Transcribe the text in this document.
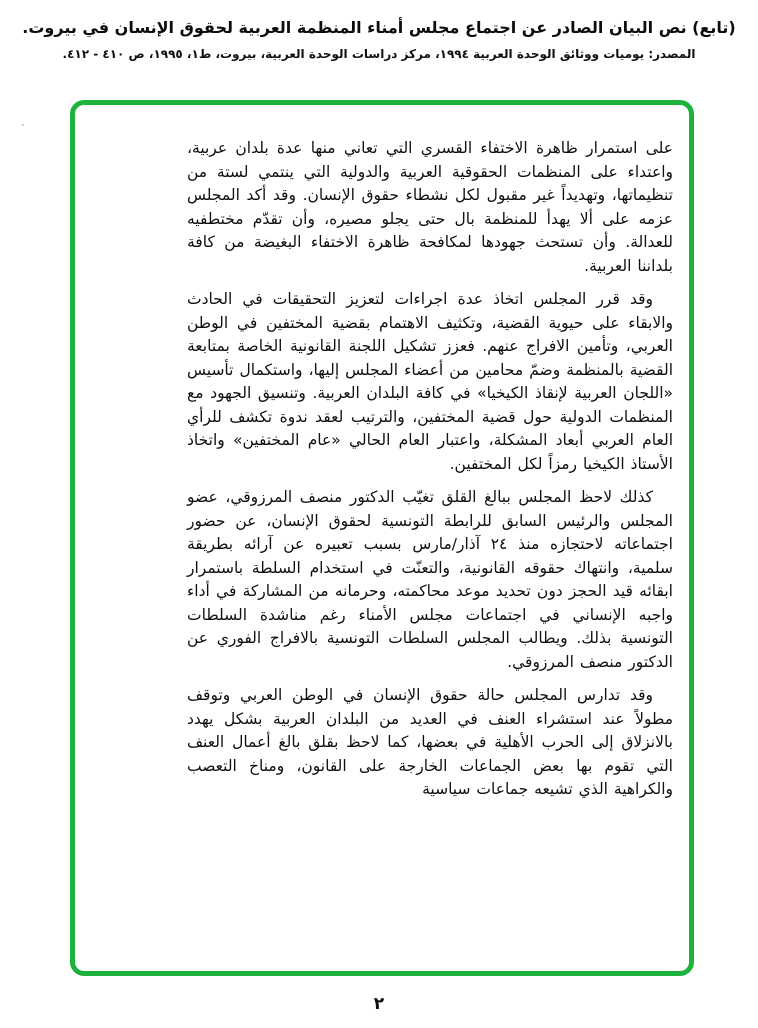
(تابع) نص البيان الصادر عن اجتماع مجلس أمناء المنظمة العربية لحقوق الإنسان في بيروت.
المصدر: يوميات ووثائق الوحدة العربية ١٩٩٤، مركز دراسات الوحدة العربية، بيروت، ط١، ١٩٩٥، ص ٤١٠ - ٤١٢.

على استمرار ظاهرة الاختفاء القسري التي تعاني منها عدة بلدان عربية، واعتداء على المنظمات الحقوقية العربية والدولية التي ينتمي لستة من تنظيماتها، وتهديداً غير مقبول لكل نشطاء حقوق الإنسان. وقد أكد المجلس عزمه على ألا يهدأ للمنظمة بال حتى يجلو مصيره، وأن تقدّم مختطفيه للعدالة. وأن تستحث جهودها لمكافحة ظاهرة الاختفاء البغيضة من كافة بلداننا العربية.

وقد قرر المجلس اتخاذ عدة اجراءات لتعزيز التحقيقات في الحادث والابقاء على حيوية القضية، وتكثيف الاهتمام بقضية المختفين في الوطن العربي، وتأمين الافراج عنهم. فعزز تشكيل اللجنة القانونية الخاصة بمتابعة القضية بالمنظمة وضمّ محامين من أعضاء المجلس إليها، واستكمال تأسيس «اللجان العربية لإنقاذ الكيخيا» في كافة البلدان العربية. وتنسيق الجهود مع المنظمات الدولية حول قضية المختفين، والترتيب لعقد ندوة تكشف للرأي العام العربي أبعاد المشكلة، واعتبار العام الحالي «عام المختفين» واتخاذ الأستاذ الكيخيا رمزاً لكل المختفين.

كذلك لاحظ المجلس ببالغ القلق تغيّب الدكتور منصف المرزوقي، عضو المجلس والرئيس السابق للرابطة التونسية لحقوق الإنسان، عن حضور اجتماعاته لاحتجازه منذ ٢٤ آذار/مارس بسبب تعبيره عن آرائه بطريقة سلمية، وانتهاك حقوقه القانونية، والتعنّت في استخدام السلطة باستمرار ابقائه قيد الحجز دون تحديد موعد محاكمته، وحرمانه من المشاركة في أداء واجبه الإنساني في اجتماعات مجلس الأمناء رغم مناشدة السلطات التونسية بذلك. ويطالب المجلس السلطات التونسية بالافراج الفوري عن الدكتور منصف المرزوقي.

وقد تدارس المجلس حالة حقوق الإنسان في الوطن العربي وتوقف مطولاً عند استشراء العنف في العديد من البلدان العربية بشكل يهدد بالانزلاق إلى الحرب الأهلية في بعضها، كما لاحظ بقلق بالغ أعمال العنف التي تقوم بها بعض الجماعات الخارجة على القانون، ومناخ التعصب والكراهية الذي تشيعه جماعات سياسية

٢
